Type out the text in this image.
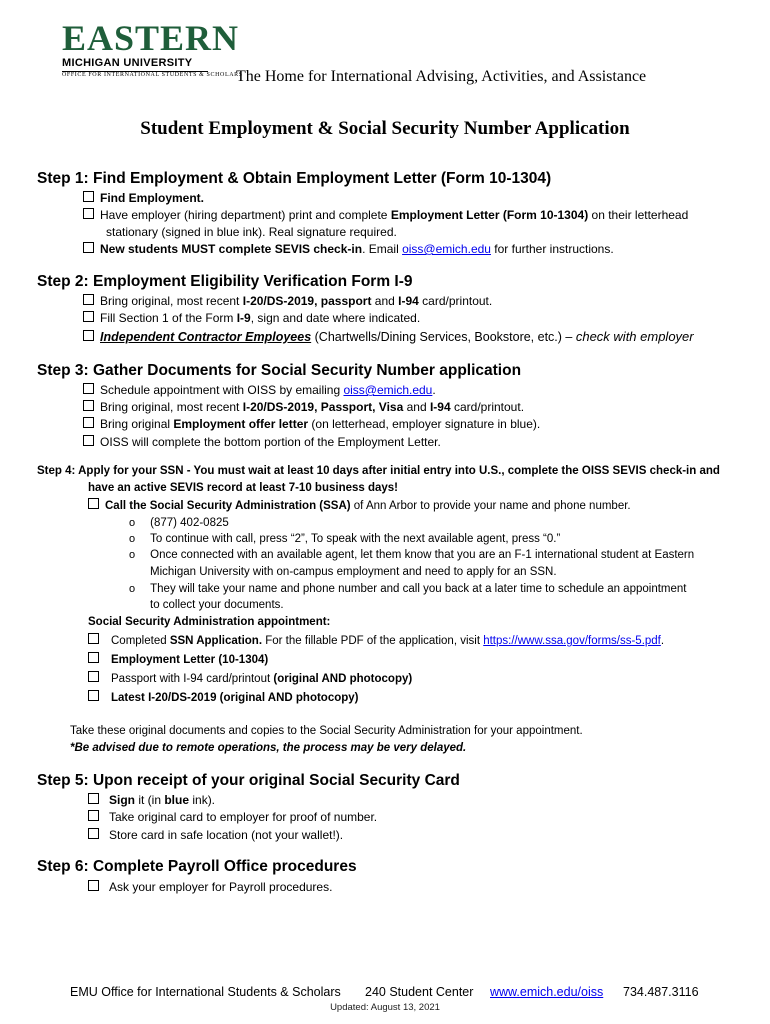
EASTERN
MICHIGAN UNIVERSITY
OFFICE FOR INTERNATIONAL STUDENTS & SCHOLARS
The Home for International Advising, Activities, and Assistance
Student Employment & Social Security Number Application
Step 1: Find Employment & Obtain Employment Letter (Form 10-1304)
Find Employment.
Have employer (hiring department) print and complete Employment Letter (Form 10-1304) on their letterhead
stationary (signed in blue ink). Real signature required.
New students MUST complete SEVIS check-in. Email oiss@emich.edu for further instructions.
Step 2: Employment Eligibility Verification Form I-9
Bring original, most recent I-20/DS-2019, passport and I-94 card/printout.
Fill Section 1 of the Form I-9, sign and date where indicated.
Independent Contractor Employees (Chartwells/Dining Services, Bookstore, etc.) – check with employer
Step 3: Gather Documents for Social Security Number application
Schedule appointment with OISS by emailing oiss@emich.edu.
Bring original, most recent I-20/DS-2019, Passport, Visa and I-94 card/printout.
Bring original Employment offer letter (on letterhead, employer signature in blue).
OISS will complete the bottom portion of the Employment Letter.
Step 4: Apply for your SSN - You must wait at least 10 days after initial entry into U.S., complete the OISS SEVIS check-in and
have an active SEVIS record at least 7-10 business days!
Call the Social Security Administration (SSA) of Ann Arbor to provide your name and phone number.
o (877) 402-0825
o To continue with call, press “2”, To speak with the next available agent, press “0.”
o Once connected with an available agent, let them know that you are an F-1 international student at Eastern
Michigan University with on-campus employment and need to apply for an SSN.
o They will take your name and phone number and call you back at a later time to schedule an appointment
to collect your documents.
Social Security Administration appointment:
Completed SSN Application. For the fillable PDF of the application, visit https://www.ssa.gov/forms/ss-5.pdf.
Employment Letter (10-1304)
Passport with I-94 card/printout (original AND photocopy)
Latest I-20/DS-2019 (original AND photocopy)
Take these original documents and copies to the Social Security Administration for your appointment.
*Be advised due to remote operations, the process may be very delayed.
Step 5: Upon receipt of your original Social Security Card
Sign it (in blue ink).
Take original card to employer for proof of number.
Store card in safe location (not your wallet!).
Step 6: Complete Payroll Office procedures
Ask your employer for Payroll procedures.
EMU Office for International Students & Scholars 240 Student Center www.emich.edu/oiss 734.487.3116
Updated: August 13, 2021
